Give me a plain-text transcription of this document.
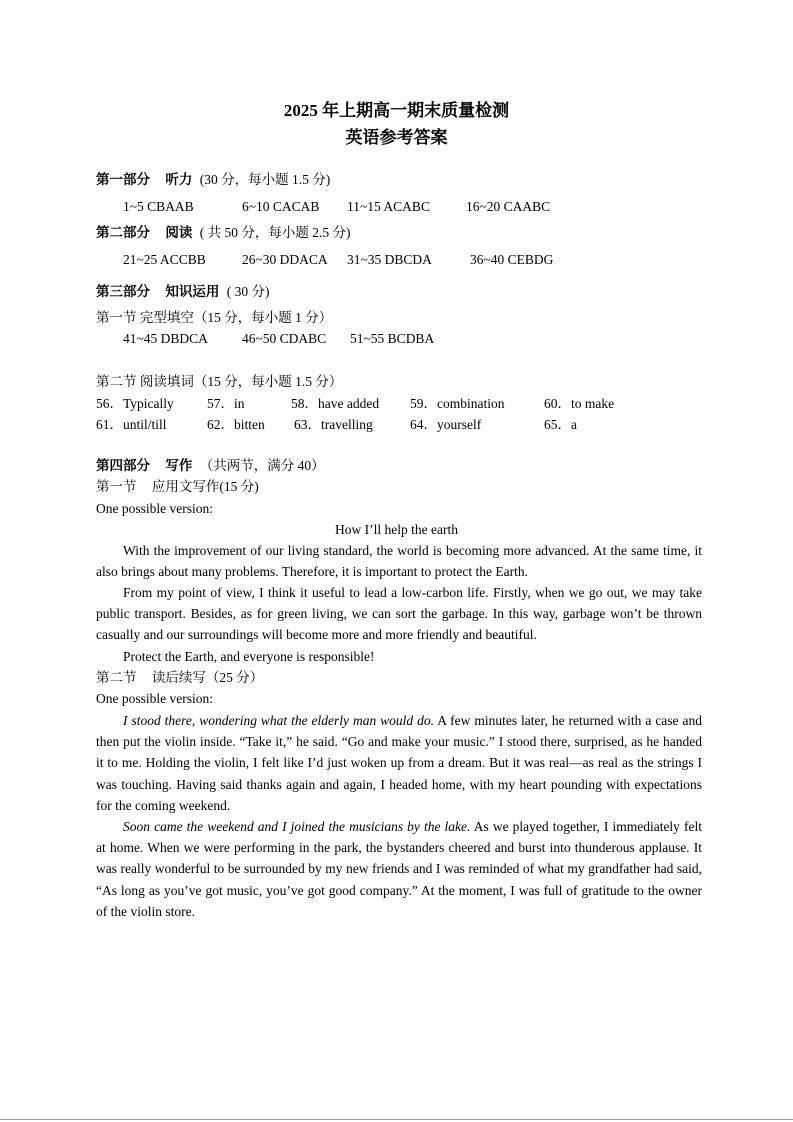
2025 年上期高一期末质量检测
英语参考答案
第一部分 听力 (30 分，每小题 1.5 分)
1~5 CBAAB	6~10 CACAB 11~15 ACABC	16~20 CAABC
第二部分 阅读 ( 共 50 分，每小题 2.5 分)
21~25 ACCBB	26~30 DDACA 31~35 DBCDA	36~40 CEBDG
第三部分 知识运用 ( 30 分)
第一节 完型填空（15 分，每小题 1 分）
41~45 DBDCA	46~50 CDABC 51~55 BCDBA
第二节 阅读填词（15 分，每小题 1.5 分）
56．Typically 57．in	58．have added 59．combination	60．to make
61．until/till	62．bitten 63．travelling	64．yourself	65．a
第四部分 写作 （共两节，满分 40）
第一节 应用文写作(15 分)
One possible version:
How I’ll help the earth
With the improvement of our living standard, the world is becoming more advanced. At the same time, it also brings about many problems. Therefore, it is important to protect the Earth.
From my point of view, I think it useful to lead a low-carbon life. Firstly, when we go out, we may take public transport. Besides, as for green living, we can sort the garbage. In this way, garbage won’t be thrown casually and our surroundings will become more and more friendly and beautiful.
Protect the Earth, and everyone is responsible!
第二节 读后续写（25 分）
One possible version:
I stood there, wondering what the elderly man would do. A few minutes later, he returned with a case and then put the violin inside. “Take it,” he said. “Go and make your music.” I stood there, surprised, as he handed it to me. Holding the violin, I felt like I’d just woken up from a dream. But it was real—as real as the strings I was touching. Having said thanks again and again, I headed home, with my heart pounding with expectations for the coming weekend.
Soon came the weekend and I joined the musicians by the lake. As we played together, I immediately felt at home. When we were performing in the park, the bystanders cheered and burst into thunderous applause. It was really wonderful to be surrounded by my new friends and I was reminded of what my grandfather had said, “As long as you’ve got music, you’ve got good company.” At the moment, I was full of gratitude to the owner of the violin store.
